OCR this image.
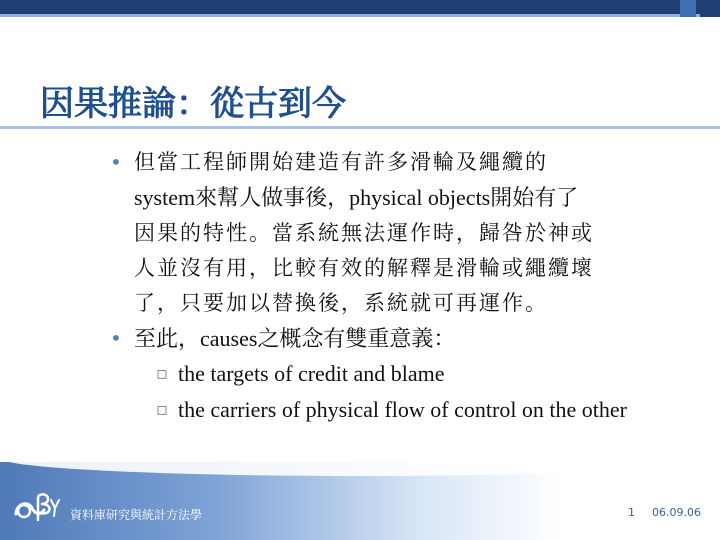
因果推論：從古到今
• 但當工程師開始建造有許多滑輪及繩纜的
system來幫人做事後，physical objects開始有了
因果的特性。當系統無法運作時，歸咎於神或
人並沒有用，比較有效的解釋是滑輪或繩纜壞
了，只要加以替換後，系統就可再運作。
• 至此，causes之概念有雙重意義：
▫ the targets of credit and blame
▫ the carriers of physical flow of control on the other
資料庫研究與統計方法學	1 06.09.06
